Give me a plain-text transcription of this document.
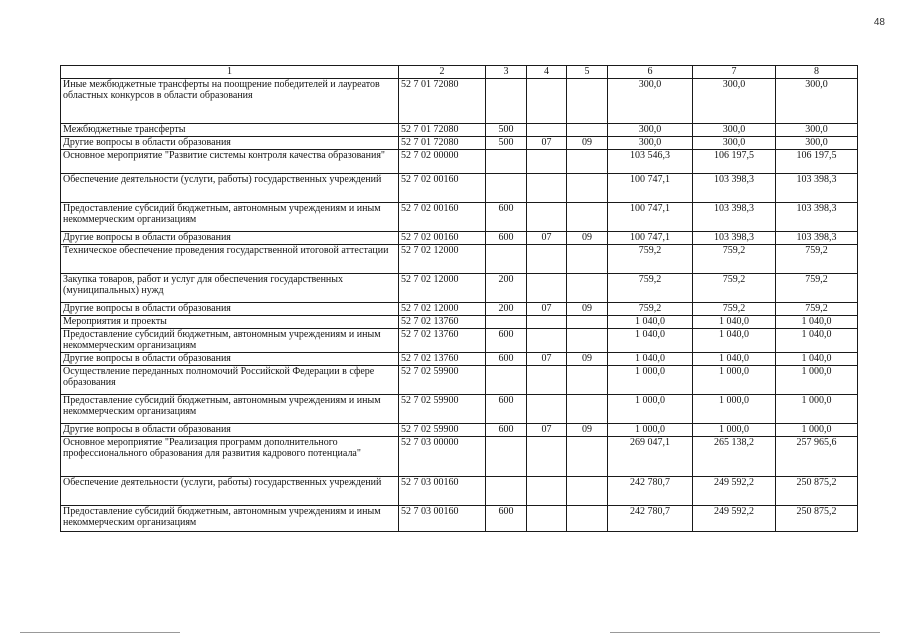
48
1	2	3	4	5	6	7	8
Иные межбюджетные трансферты на поощрение победителей и лауреатов областных конкурсов в области образования	52 7 01 72080				300,0	300,0	300,0
Межбюджетные трансферты	52 7 01 72080	500			300,0	300,0	300,0
Другие вопросы в области образования	52 7 01 72080	500	07	09	300,0	300,0	300,0
Основное мероприятие "Развитие системы контроля качества образования"	52 7 02 00000				103 546,3	106 197,5	106 197,5
Обеспечение деятельности (услуги, работы) государственных учреждений	52 7 02 00160				100 747,1	103 398,3	103 398,3
Предоставление субсидий бюджетным, автономным учреждениям и иным некоммерческим организациям	52 7 02 00160	600			100 747,1	103 398,3	103 398,3
Другие вопросы в области образования	52 7 02 00160	600	07	09	100 747,1	103 398,3	103 398,3
Техническое обеспечение проведения государственной итоговой аттестации	52 7 02 12000				759,2	759,2	759,2
Закупка товаров, работ и услуг для обеспечения государственных (муниципальных) нужд	52 7 02 12000	200			759,2	759,2	759,2
Другие вопросы в области образования	52 7 02 12000	200	07	09	759,2	759,2	759,2
Мероприятия и проекты	52 7 02 13760				1 040,0	1 040,0	1 040,0
Предоставление субсидий бюджетным, автономным учреждениям и иным некоммерческим организациям	52 7 02 13760	600			1 040,0	1 040,0	1 040,0
Другие вопросы в области образования	52 7 02 13760	600	07	09	1 040,0	1 040,0	1 040,0
Осуществление переданных полномочий Российской Федерации в сфере образования	52 7 02 59900				1 000,0	1 000,0	1 000,0
Предоставление субсидий бюджетным, автономным учреждениям и иным некоммерческим организациям	52 7 02 59900	600			1 000,0	1 000,0	1 000,0
Другие вопросы в области образования	52 7 02 59900	600	07	09	1 000,0	1 000,0	1 000,0
Основное мероприятие "Реализация программ дополнительного профессионального образования для развития кадрового потенциала"	52 7 03 00000				269 047,1	265 138,2	257 965,6
Обеспечение деятельности (услуги, работы) государственных учреждений	52 7 03 00160				242 780,7	249 592,2	250 875,2
Предоставление субсидий бюджетным, автономным учреждениям и иным некоммерческим организациям	52 7 03 00160	600			242 780,7	249 592,2	250 875,2
